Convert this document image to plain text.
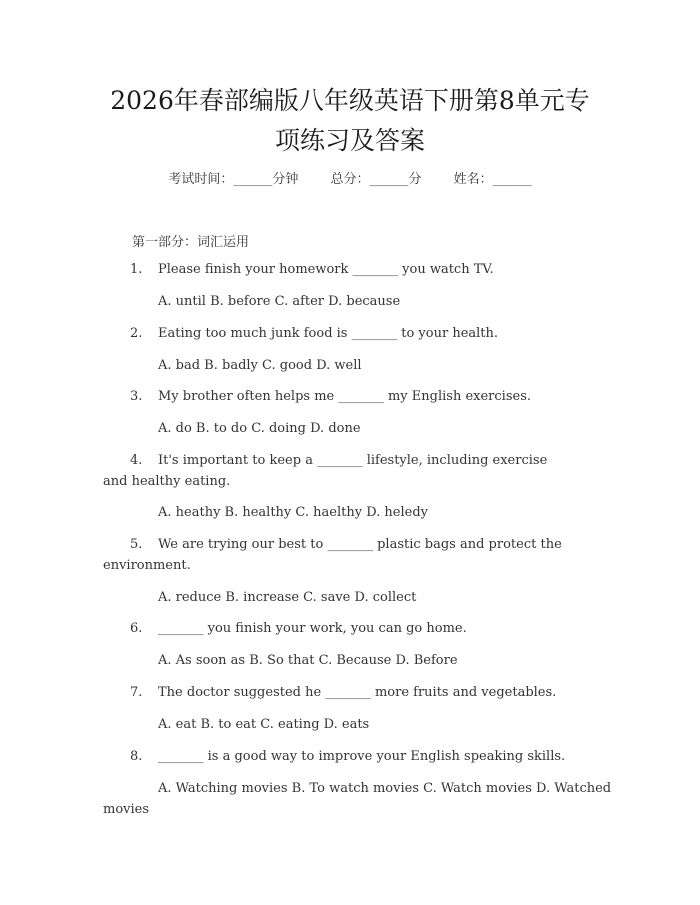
2026年春部编版八年级英语下册第8单元专
项练习及答案
考试时间：______分钟 总分：______分 姓名：______
第一部分：词汇运用
1. Please finish your homework _______ you watch TV.
A. until B. before C. after D. because
2. Eating too much junk food is _______ to your health.
A. bad B. badly C. good D. well
3. My brother often helps me _______ my English exercises.
A. do B. to do C. doing D. done
4. It's important to keep a _______ lifestyle, including exercise
and healthy eating.
A. heathy B. healthy C. haelthy D. heledy
5. We are trying our best to _______ plastic bags and protect the
environment.
A. reduce B. increase C. save D. collect
6. _______ you finish your work, you can go home.
A. As soon as B. So that C. Because D. Before
7. The doctor suggested he _______ more fruits and vegetables.
A. eat B. to eat C. eating D. eats
8. _______ is a good way to improve your English speaking skills.
A. Watching movies B. To watch movies C. Watch movies D. Watched
movies
